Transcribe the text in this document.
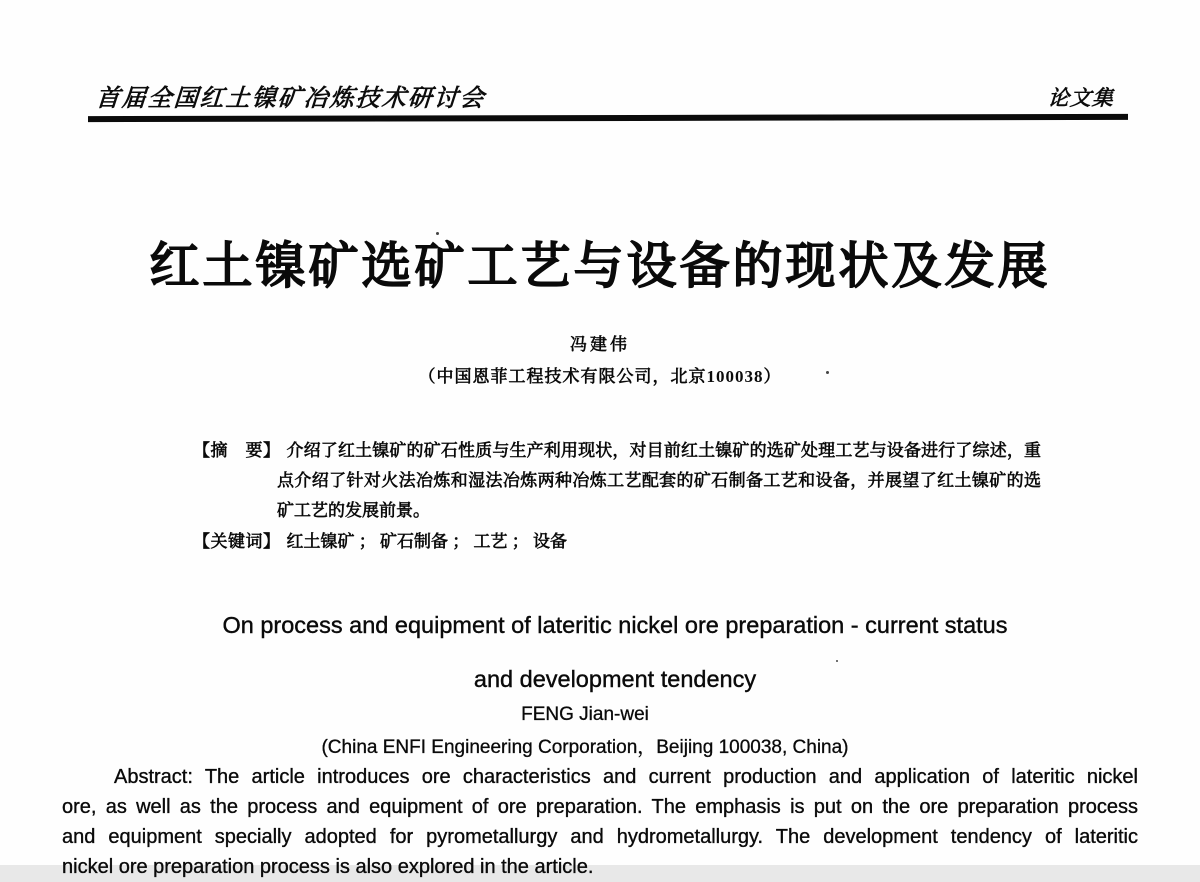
首届全国红土镍矿冶炼技术研讨会	论文集
红土镍矿选矿工艺与设备的现状及发展
冯建伟
（中国恩菲工程技术有限公司，北京100038）
【摘　要】 介绍了红土镍矿的矿石性质与生产利用现状，对目前红土镍矿的选矿处理工艺与设备进行了综述，重
点介绍了针对火法冶炼和湿法冶炼两种冶炼工艺配套的矿石制备工艺和设备，并展望了红土镍矿的选
矿工艺的发展前景。
【关键词】 红土镍矿 ； 矿石制备 ； 工艺 ； 设备
On process and equipment of lateritic nickel ore preparation - current status
and development tendency
FENG Jian-wei
(China ENFI Engineering Corporation，Beijing 100038, China)
Abstract: The article introduces ore characteristics and current production and application of lateritic nickel
ore, as well as the process and equipment of ore preparation. The emphasis is put on the ore preparation process
and equipment specially adopted for pyrometallurgy and hydrometallurgy. The development tendency of lateritic
nickel ore preparation process is also explored in the article.
